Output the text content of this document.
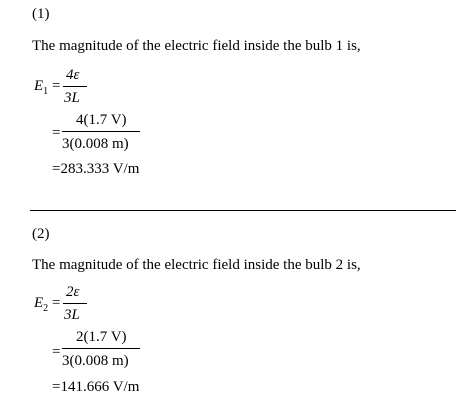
(1)
The magnitude of the electric field inside the bulb 1 is,
$E_1$ =
4ε
3L
=
4(1.7 V)
3(0.008 m)
=283.333 V/m
(2)
The magnitude of the electric field inside the bulb 2 is,
$E_2$ =
2ε
3L
=
2(1.7 V)
3(0.008 m)
=141.666 V/m
